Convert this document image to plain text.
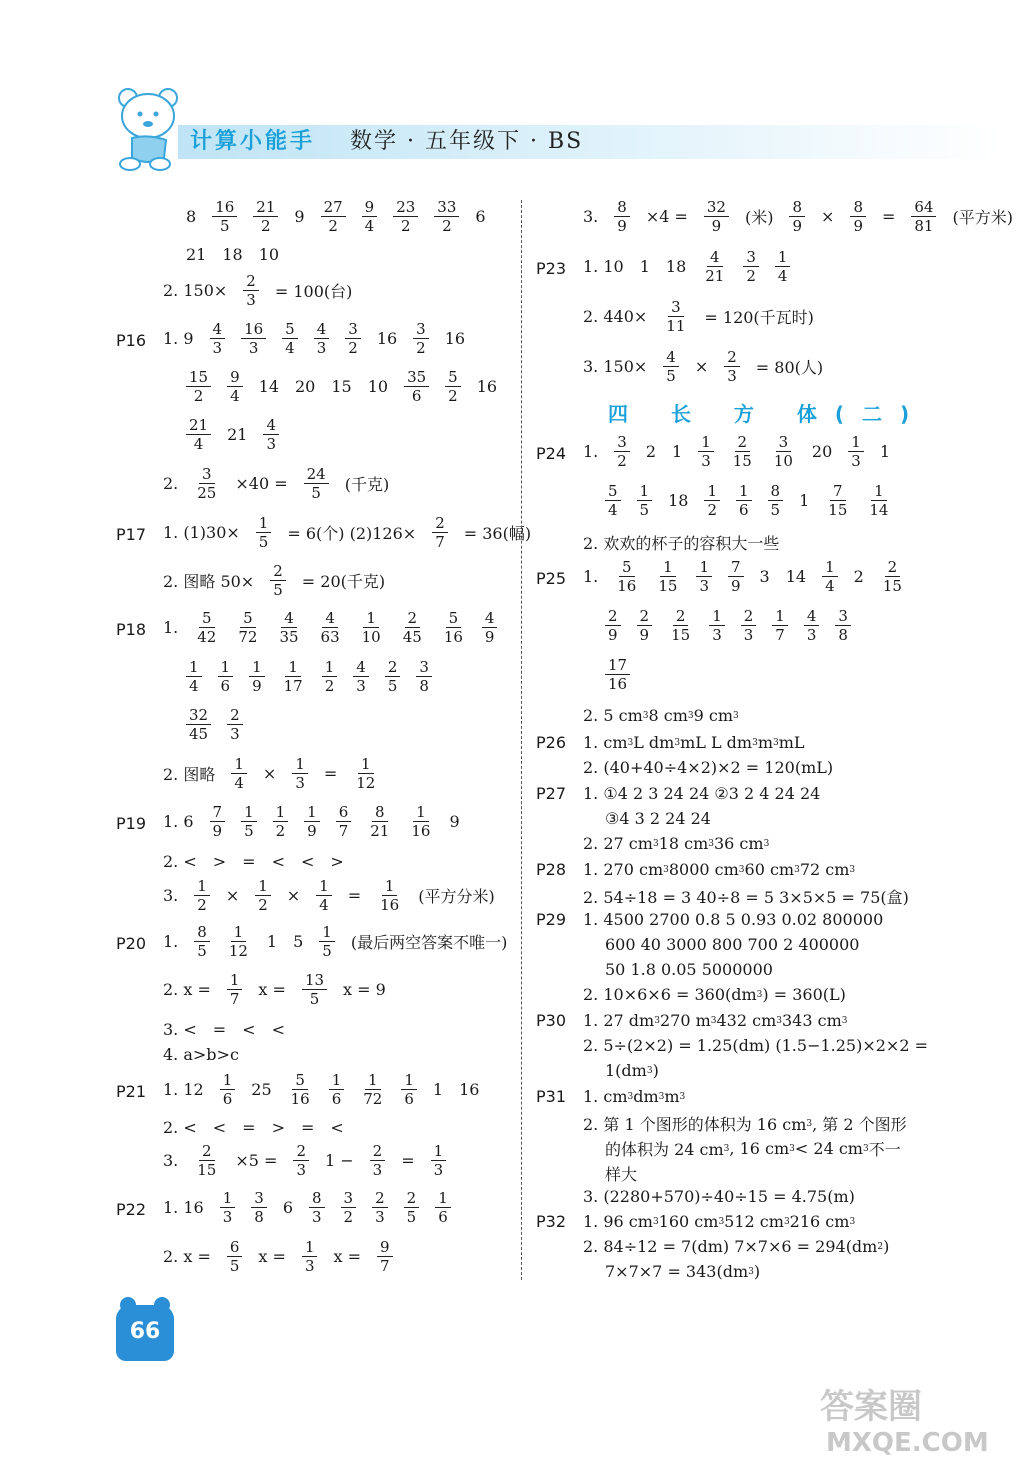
计算小能手 数学 · 五年级下 · BS
$8 \frac{16}{5} \frac{21}{2} 9 \frac{27}{2} \frac{9}{4} \frac{23}{2} \frac{33}{2} 6$
21 18 10
2. $150\times \frac{2}{3} = 100$(台)
P16 1. $9 \frac{4}{3} \frac{16}{3} \frac{5}{4} \frac{4}{3} \frac{3}{2} 16 \frac{3}{2} 16$
$\frac{15}{2} \frac{9}{4} 14$ 20 15 $10 \frac{35}{6} \frac{5}{2} 16$
$\frac{21}{4} 21 \frac{4}{3}$
2. $\frac{3}{25} \times 40 = \frac{24}{5}$ (千克)
P17 1. $(1)30\times \frac{1}{5} = 6$(个) $(2)126\times \frac{2}{7} = 36$(幅)
2. 图略 $50\times \frac{2}{5} = 20$(千克)
P18 1. $\frac{5}{42} \frac{5}{72} \frac{4}{35} \frac{4}{63} \frac{1}{10} \frac{2}{45} \frac{5}{16} \frac{4}{9}$
$\frac{1}{4} \frac{1}{6} \frac{1}{9} \frac{1}{17} \frac{1}{2} \frac{4}{3} \frac{2}{5} \frac{3}{8}$
$\frac{32}{45} \frac{2}{3}$
2. 图略 $\frac{1}{4} \times \frac{1}{3} = \frac{1}{12}$
P19 1. $6 \frac{7}{9} \frac{1}{5} \frac{1}{2} \frac{1}{9} \frac{6}{7} \frac{8}{21} \frac{1}{16} 9$
2. < > = < < >
3. $\frac{1}{2} \times \frac{1}{2} \times \frac{1}{4} = \frac{1}{16}$ (平方分米)
P20 1. $\frac{8}{5} \frac{1}{12} 1$ $5 \frac{1}{5}$ (最后两空答案不唯一)
2. $x = \frac{1}{7}$ $x = \frac{13}{5}$ x = 9
3. < = < <
4. a>b>c
P21 1. $12 \frac{1}{6} 25 \frac{5}{16} \frac{1}{6} \frac{1}{72} \frac{1}{6} 1$ 16
2. < < = > = <
3. $\frac{2}{15} \times 5 = \frac{2}{3} 1 - \frac{2}{3} = \frac{1}{3}$
P22 1. $16 \frac{1}{3} \frac{3}{8} 6 \frac{8}{3} \frac{3}{2} \frac{2}{3} \frac{2}{5} \frac{1}{6}$
2. $x = \frac{6}{5}$ $x = \frac{1}{3}$ $x = \frac{9}{7}$
3. $\frac{8}{9} \times 4 = \frac{32}{9}$ (米) $\frac{8}{9} \times \frac{8}{9} = \frac{64}{81}$ (平方米)
P23 1. 10 1 $18 \frac{4}{21} \frac{3}{2} \frac{1}{4}$
2. $440\times \frac{3}{11} = 120$(千瓦时)
3. $150\times \frac{4}{5} \times \frac{2}{3} = 80$(人)
四 长 方 体(二)
P24 1. $\frac{3}{2} 2$ $1 \frac{1}{3} \frac{2}{15} \frac{3}{10} 20 \frac{1}{3} 1$
$\frac{5}{4} \frac{1}{5} 18 \frac{1}{2} \frac{1}{6} \frac{8}{5} 1 \frac{7}{15} \frac{1}{14}$
2. 欢欢的杯子的容积大一些
P25 1. $\frac{5}{16} \frac{1}{15} \frac{1}{3} \frac{7}{9} 3$ $14 \frac{1}{4} 2 \frac{2}{15}$
$\frac{2}{9} \frac{2}{9} \frac{2}{15} \frac{1}{3} \frac{2}{3} \frac{1}{7} \frac{4}{3} \frac{3}{8}$
$\frac{17}{16}$
2. 5 cm 3 8 cm 3 9 cm 3
P26 1. cm 3 L dm 3 mL L dm 3 m 3 mL
2. (40+40÷4×2)×2 = 120(mL)
P27 1. ①4 2 3 24 24 ②3 2 4 24 24
③4 3 2 24 24
2. 27 cm 3 18 cm 3 36 cm 3
P28 1. 270 cm 3 8000 cm 3 60 cm 3 72 cm 3
2. 54÷18 = 3 40÷8 = 5 3×5×5 = 75(盒)
P29 1. 4500 2700 0.8 5 0.93 0.02 800000
600 40 3000 800 700 2 400000
50 1.8 0.05 5000000
2. 10×6×6 = 360(dm 3 ) = 360(L)
P30 1. 27 dm 3 270 m 3 432 cm 3 343 cm 3
2. 5÷(2×2) = 1.25(dm) (1.5−1.25)×2×2 =
1(dm 3 )
P31 1. cm 3 dm 3 m 3
2. 第 1 个图形的体积为 16 cm 3 , 第 2 个图形
的体积为 24 cm 3 , 16 cm 3 < 24 cm 3 不一
样大
3. (2280+570)÷40÷15 = 4.75(m)
P32 1. 96 cm 3 160 cm 3 512 cm 3 216 cm 3
2. 84÷12 = 7(dm) 7×7×6 = 294(dm 2 )
7×7×7 = 343(dm 3 )
66
答案圈
MXQE.COM
